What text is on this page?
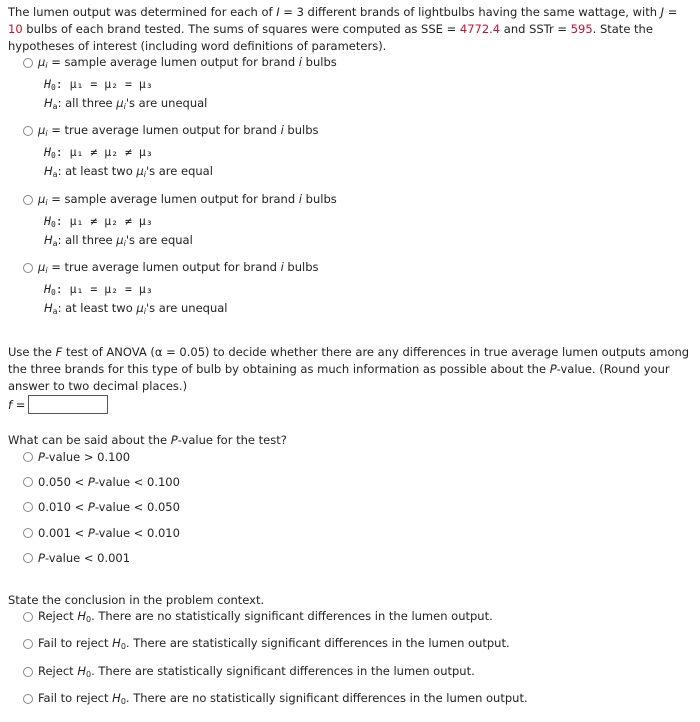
The lumen output was determined for each of I = 3 different brands of lightbulbs having the same wattage, with J = 10 bulbs of each brand tested. The sums of squares were computed as SSE = 4772.4 and SSTr = 595. State the hypotheses of interest (including word definitions of parameters).
$\mu_i$ = sample average lumen output for brand i bulbs
$H_0$: μ₁ = μ₂ = μ₃
$H_a$: all three $\mu_i's$ are unequal
$\mu_i$ = true average lumen output for brand i bulbs
$H_0$: μ₁ ≠ μ₂ ≠ μ₃
$H_a$: at least two $\mu_i's$ are equal
$\mu_i$ = sample average lumen output for brand i bulbs
$H_0$: μ₁ ≠ μ₂ ≠ μ₃
$H_a$: all three $\mu_i's$ are equal
$\mu_i$ = true average lumen output for brand i bulbs
$H_0$: μ₁ = μ₂ = μ₃
$H_a$: at least two $\mu_i's$ are unequal
Use the F test of ANOVA (α = 0.05) to decide whether there are any differences in true average lumen outputs among the three brands for this type of bulb by obtaining as much information as possible about the P-value. (Round your answer to two decimal places.)
f =
What can be said about the P-value for the test?
P-value > 0.100
0.050 < P-value < 0.100
0.010 < P-value < 0.050
0.001 < P-value < 0.010
P-value < 0.001
State the conclusion in the problem context.
Reject $H_0$. There are no statistically significant differences in the lumen output.
Fail to reject $H_0$. There are statistically significant differences in the lumen output.
Reject $H_0$. There are statistically significant differences in the lumen output.
Fail to reject $H_0$. There are no statistically significant differences in the lumen output.
